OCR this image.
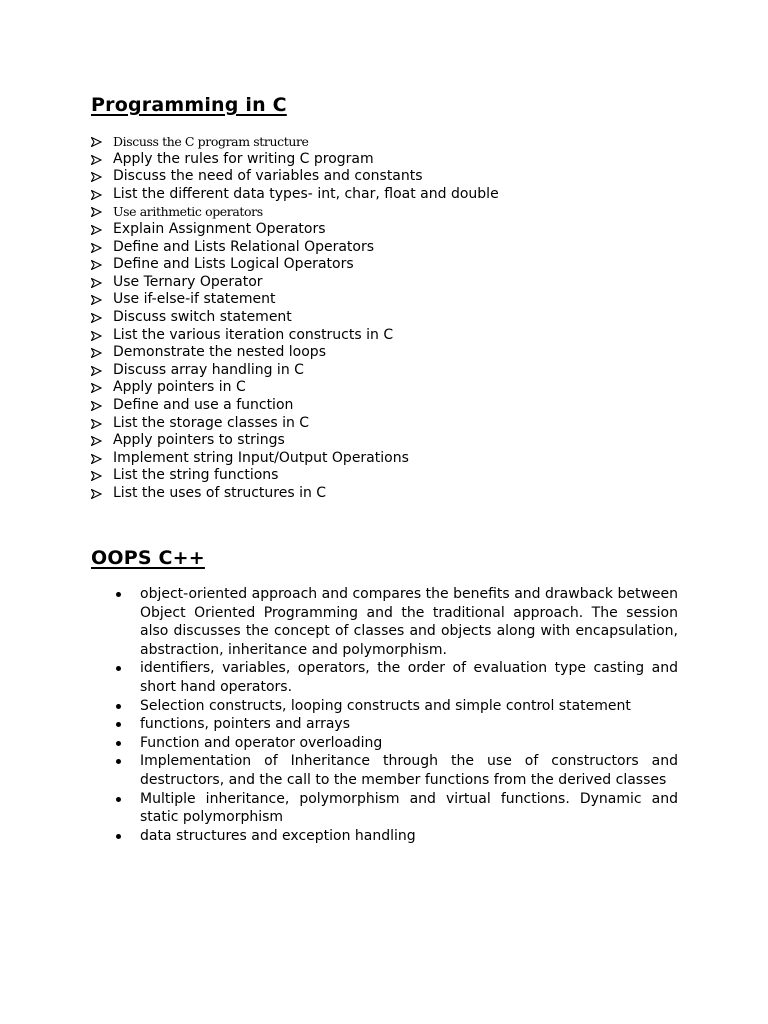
Programming in C
Discuss the C program structure
Apply the rules for writing C program
Discuss the need of variables and constants
List the different data types- int, char, float and double
Use arithmetic operators
Explain Assignment Operators
Define and Lists Relational Operators
Define and Lists Logical Operators
Use Ternary Operator
Use if-else-if statement
Discuss switch statement
List the various iteration constructs in C
Demonstrate the nested loops
Discuss array handling in C
Apply pointers in C
Define and use a function
List the storage classes in C
Apply pointers to strings
Implement string Input/Output Operations
List the string functions
List the uses of structures in C
OOPS C++
object-oriented approach and compares the benefits and drawback between Object Oriented Programming and the traditional approach. The session also discusses the concept of classes and objects along with encapsulation, abstraction, inheritance and polymorphism.
identifiers, variables, operators, the order of evaluation type casting and short hand operators.
Selection constructs, looping constructs and simple control statement
functions, pointers and arrays
Function and operator overloading
Implementation of Inheritance through the use of constructors and destructors, and the call to the member functions from the derived classes
Multiple inheritance, polymorphism and virtual functions. Dynamic and static polymorphism
data structures and exception handling
